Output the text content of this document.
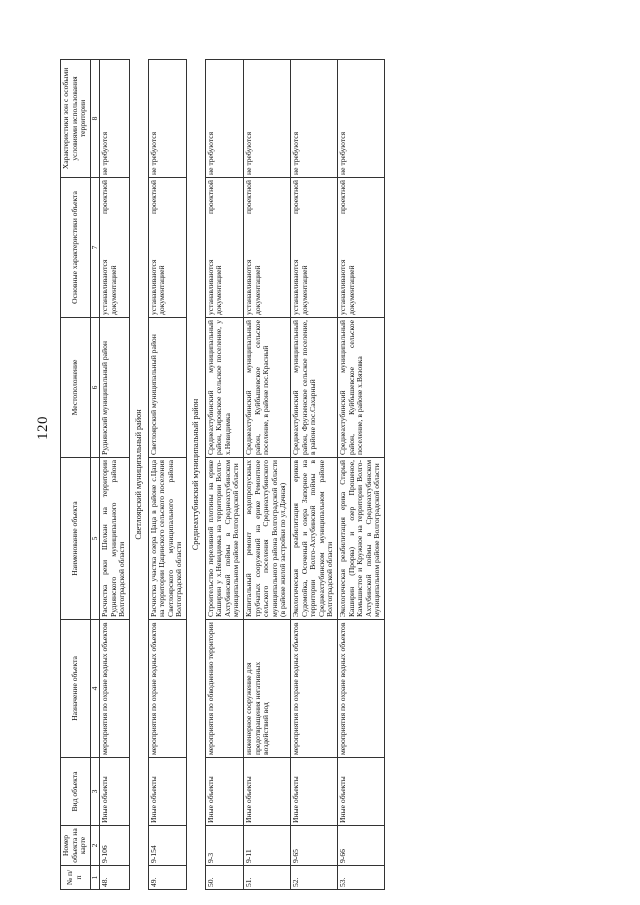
120
№ п/п	Номер объекта на карте	Вид объекта	Назначение объекта	Наименование объекта	Местоположение	Основные характеристики объекта	Характеристики зон с особыми условиями использования территории
1	2	3	4	5	6	7	8
48.	9-106	Иные объекты	мероприятия по охране водных объектов	Расчистка реки Шелкан на территории Руднянского муниципального района Волгоградской области	Руднянский муниципальный район	устанавливаются проектной документацией	не требуются
Светлоярский муниципальный район							
49.	9-154	Иные объекты	мероприятия по охране водных объектов	Расчистка участка озера Цаца в районе с.Цаца на территории Цацинского сельского поселения Светлоярского муниципального района Волгоградской области	Светлоярский муниципальный район	устанавливаются проектной документацией	не требуются
Среднеахтубинский муниципальный район							
50.	9-3	Иные объекты	мероприятия по обводнению территории	Строительство переливной плотины на ерике Каширин у х.Невидимка на территории Волго-Ахтубинской поймы в Среднеахтубинском муниципальном районе Волгоградской области	Среднеахтубинский муниципальный район, Кировское сельское поселение, у х.Невидимка	устанавливаются проектной документацией	не требуются
51.	9-11	Иные объекты	инженерное сооружение для предотвращения негативных воздействий вод	Капитальный ремонт водопропускных трубчатых сооружений на ерике Ремонтное сельского поселения Среднеахтубинского муниципального района Волгоградской области (в районе жилой застройки по ул.Дачная)	Среднеахтубинский муниципальный район, Куйбышевское сельское поселение, в районе пос.Красный	устанавливаются проектной документацией	не требуются
52.	9-65	Иные объекты	мероприятия по охране водных объектов	Экологическая реабилитация ериков Судомойка, Осоченый и озера Запорное на территории Волго-Ахтубинской поймы в Среднеахтубинском муниципальном районе Волгоградской области	Среднеахтубинский муниципальный район, Фрунзенское сельское поселение, в районе пос.Сахарный	устанавливаются проектной документацией	не требуются
53.	9-66	Иные объекты	мероприятия по охране водных объектов	Экологическая реабилитация ерика Старый Каширин (Прорва) и озер Прошеное, Камышистое и Кружное на территории Волго-Ахтубинской поймы в Среднеахтубинском муниципальном районе Волгоградской области	Среднеахтубинский муниципальный район, Куйбышевское сельское поселение, в районе х.Вязовка	устанавливаются проектной документацией	не требуются
